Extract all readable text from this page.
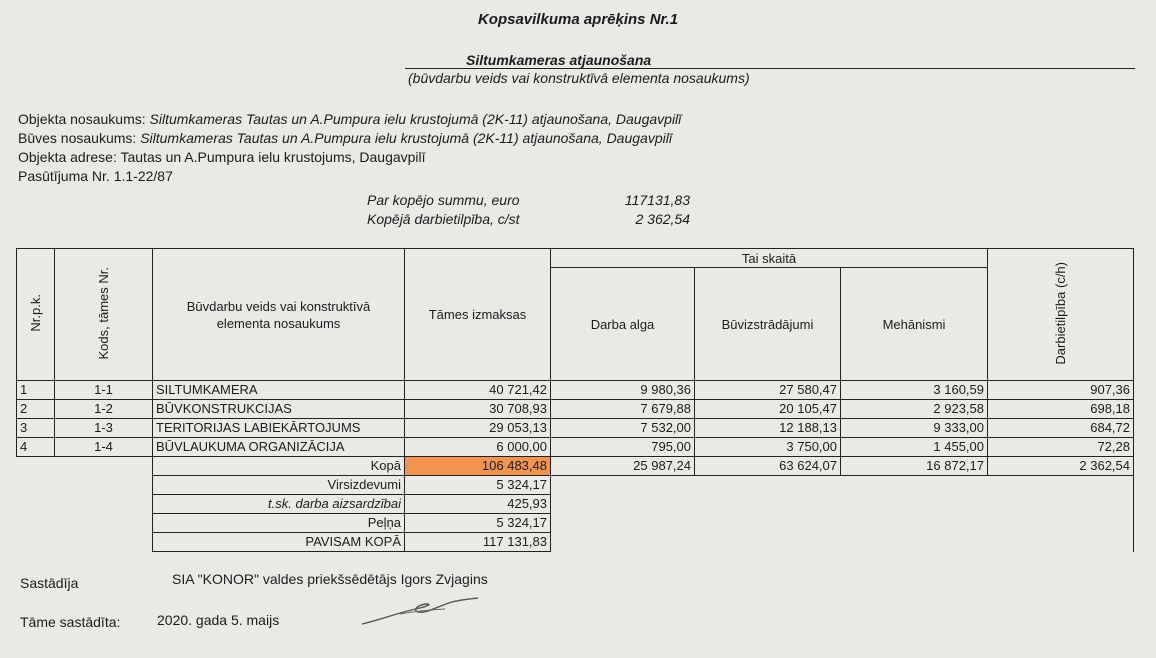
Kopsavilkuma aprēķins Nr.1
Siltumkameras atjaunošana
(būvdarbu veids vai konstruktīvā elementa nosaukums)
Objekta nosaukums: Siltumkameras Tautas un A.Pumpura ielu krustojumā (2K-11) atjaunošana, Daugavpilī
Būves nosaukums: Siltumkameras Tautas un A.Pumpura ielu krustojumā (2K-11) atjaunošana, Daugavpilī
Objekta adrese: Tautas un A.Pumpura ielu krustojums, Daugavpilī
Pasūtījuma Nr. 1.1-22/87
Par kopējo summu, euro	117131,83
Kopējā darbietilpība, c/st	2 362,54
Nr.p.k.	Kods, tāmes Nr.	Būvdarbu veids vai konstruktīvā elementa nosaukums	Tāmes izmaksas	Tai skaitā			Darbietilpība (c/h)
				Darba alga	Būvizstrādājumi	Mehānismi	
1	1-1	SILTUMKAMERA	40 721,42	9 980,36	27 580,47	3 160,59	907,36
2	1-2	BŪVKONSTRUKCIJAS	30 708,93	7 679,88	20 105,47	2 923,58	698,18
3	1-3	TERITORIJAS LABIEKĀRTOJUMS	29 053,13	7 532,00	12 188,13	9 333,00	684,72
4	1-4	BŪVLAUKUMA ORGANIZĀCIJA	6 000,00	795,00	3 750,00	1 455,00	72,28
		Kopā	106 483,48	25 987,24	63 624,07	16 872,17	2 362,54
		Virsizdevumi	5 324,17				
		t.sk. darba aizsardzībai	425,93				
		Peļņa	5 324,17				
		PAVISAM KOPĀ	117 131,83				
Sastādīja	SIA "KONOR" valdes priekšsēdētājs Igors Zvjagins
Tāme sastādīta:	2020. gada 5. maijs
